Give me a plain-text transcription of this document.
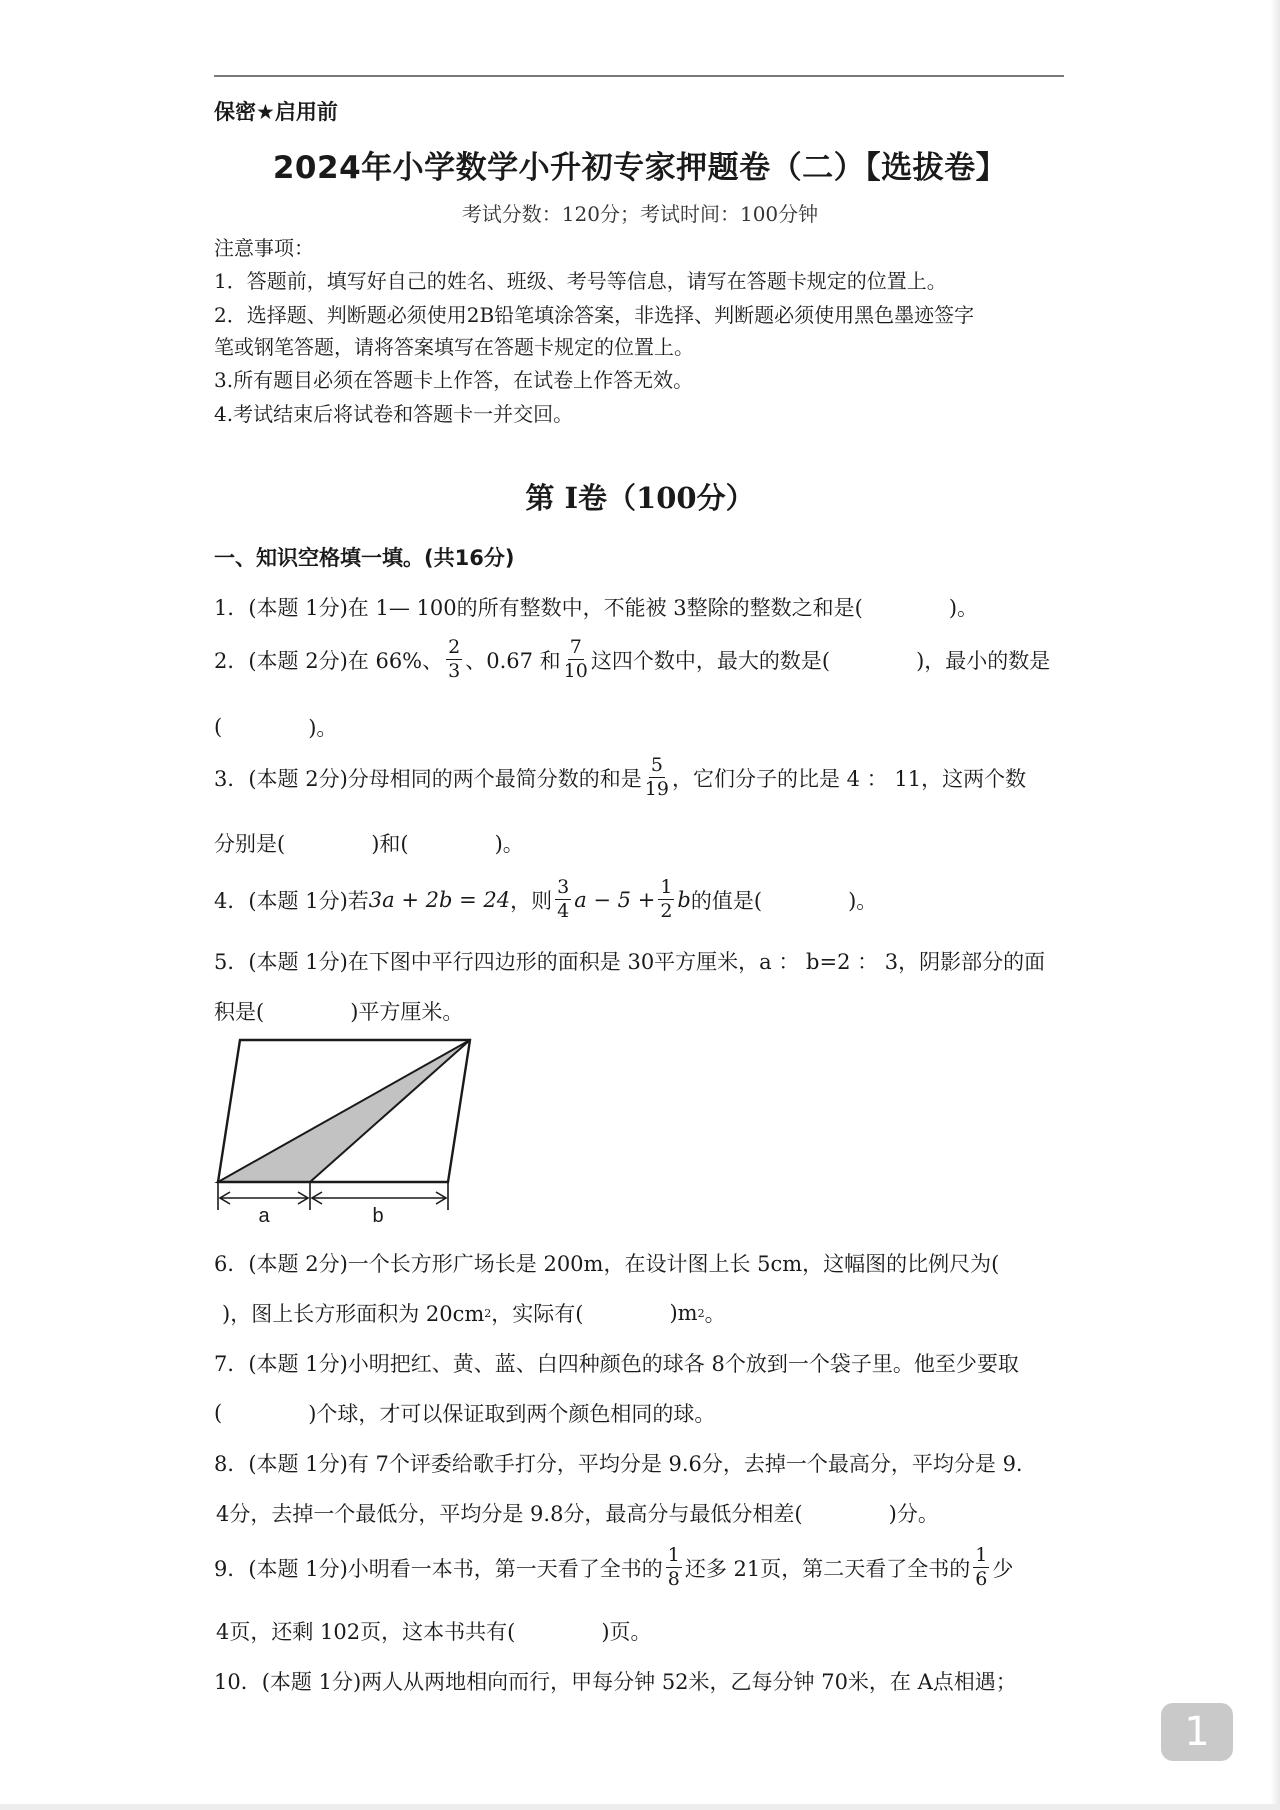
保密★启用前
2024年小学数学小升初专家押题卷（二）【选拔卷】
考试分数：120分；考试时间：100分钟
注意事项：
1．答题前，填写好自己的姓名、班级、考号等信息，请写在答题卡规定的位置上。
2．选择题、判断题必须使用2B铅笔填涂答案，非选择、判断题必须使用黑色墨迹签字
笔或钢笔答题，请将答案填写在答题卡规定的位置上。
3.所有题目必须在答题卡上作答，在试卷上作答无效。
4.考试结束后将试卷和答题卡一并交回。
第 I卷（100分）
一、知识空格填一填。(共16分)
1．(本题 1分)在 1— 100的所有整数中，不能被 3整除的整数之和是(	)。
2．(本题 2分)在 66%、 $\frac{2}{3}$ 、0.67 和 $\frac{7}{10}$ 这四个数中，最大的数是(	)，最小的数是
(	)。
3．(本题 2分)分母相同的两个最简分数的和是 $\frac{5}{19}$ ，它们分子的比是 4 ： 11，这两个数
分别是(	)和(	)。
4．(本题 1分)若 3a + 2b = 24 ，则 $\frac{3}{4}$ $a - 5 + \frac{1}{2}$ b 的值是(	)。
5．(本题 1分)在下图中平行四边形的面积是 30平方厘米，a ： b=2 ： 3，阴影部分的面
积是(	)平方厘米。
a	b
6．(本题 2分)一个长方形广场长是 200m，在设计图上长 5cm，这幅图的比例尺为(
)，图上长方形面积为 20cm 2 ，实际有(	)m 2 。
7．(本题 1分)小明把红、黄、蓝、白四种颜色的球各 8个放到一个袋子里。他至少要取
(	)个球，才可以保证取到两个颜色相同的球。
8．(本题 1分)有 7个评委给歌手打分，平均分是 9.6分，去掉一个最高分，平均分是 9.
4分，去掉一个最低分，平均分是 9.8分，最高分与最低分相差(	)分。
9．(本题 1分)小明看一本书，第一天看了全书的 $\frac{1}{8}$ 还多 21页，第二天看了全书的 $\frac{1}{6}$ 少
4页，还剩 102页，这本书共有(	)页。
10．(本题 1分)两人从两地相向而行，甲每分钟 52米，乙每分钟 70米，在 A点相遇；
1
